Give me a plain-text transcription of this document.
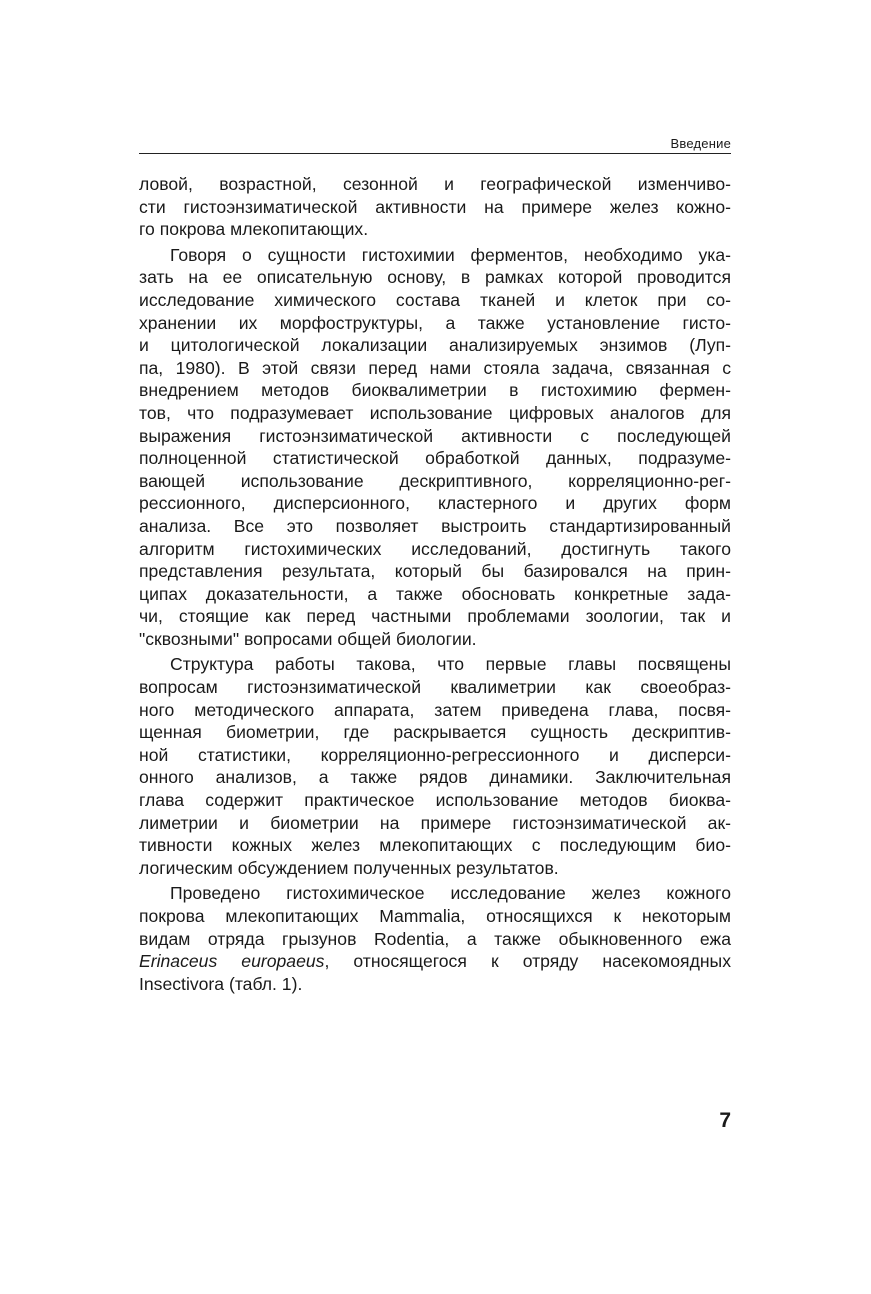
Введение
ловой, возрастной, сезонной и географической изменчиво-
сти гистоэнзиматической активности на примере желез кожно-
го покрова млекопитающих.
Говоря о сущности гистохимии ферментов, необходимо ука-
зать на ее описательную основу, в рамках которой проводится
исследование химического состава тканей и клеток при со-
хранении их морфоструктуры, а также установление гисто-
и цитологической локализации анализируемых энзимов (Луп-
па, 1980). В этой связи перед нами стояла задача, связанная с
внедрением методов биоквалиметрии в гистохимию фермен-
тов, что подразумевает использование цифровых аналогов для
выражения гистоэнзиматической активности с последующей
полноценной статистической обработкой данных, подразуме-
вающей использование дескриптивного, корреляционно-рег-
рессионного, дисперсионного, кластерного и других форм
анализа. Все это позволяет выстроить стандартизированный
алгоритм гистохимических исследований, достигнуть такого
представления результата, который бы базировался на прин-
ципах доказательности, а также обосновать конкретные зада-
чи, стоящие как перед частными проблемами зоологии, так и
"сквозными" вопросами общей биологии.
Структура работы такова, что первые главы посвящены
вопросам гистоэнзиматической квалиметрии как своеобраз-
ного методического аппарата, затем приведена глава, посвя-
щенная биометрии, где раскрывается сущность дескриптив-
ной статистики, корреляционно-регрессионного и дисперси-
онного анализов, а также рядов динамики. Заключительная
глава содержит практическое использование методов биоква-
лиметрии и биометрии на примере гистоэнзиматической ак-
тивности кожных желез млекопитающих с последующим био-
логическим обсуждением полученных результатов.
Проведено гистохимическое исследование желез кожного
покрова млекопитающих Mammalia, относящихся к некоторым
видам отряда грызунов Rodentia, а также обыкновенного ежа
Erinaceus europaeus, относящегося к отряду насекомоядных
Insectivora (табл. 1).
7
